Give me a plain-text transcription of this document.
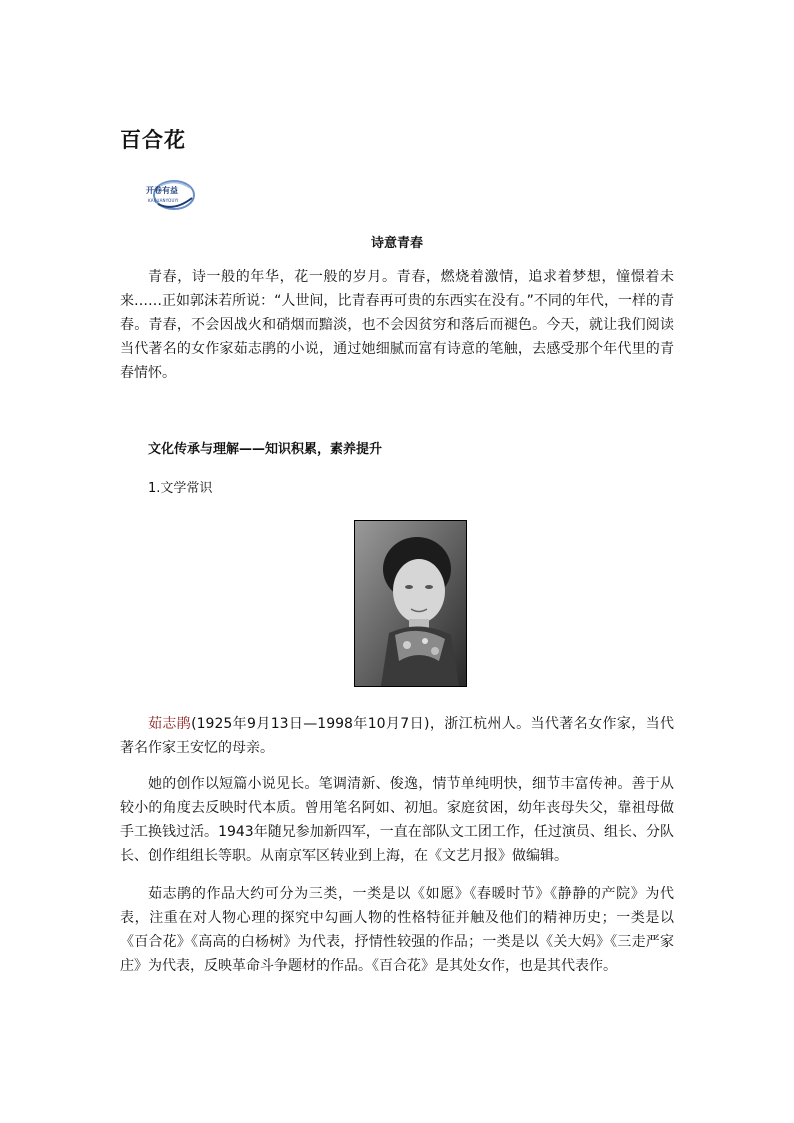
百合花
开卷有益
KAIJUANYOUYI
诗意青春

青春，诗一般的年华，花一般的岁月。青春，燃烧着激情，追求着梦想，憧憬着未来……正如郭沫若所说：“人世间，比青春再可贵的东西实在没有。”不同的年代，一样的青春。青春，不会因战火和硝烟而黯淡，也不会因贫穷和落后而褪色。今天，就让我们阅读当代著名的女作家茹志鹃的小说，通过她细腻而富有诗意的笔触，去感受那个年代里的青春情怀。

文化传承与理解——知识积累，素养提升
1.文学常识

茹志鹃(1925年9月13日—1998年10月7日)，浙江杭州人。当代著名女作家，当代著名作家王安忆的母亲。

她的创作以短篇小说见长。笔调清新、俊逸，情节单纯明快，细节丰富传神。善于从较小的角度去反映时代本质。曾用笔名阿如、初旭。家庭贫困，幼年丧母失父，靠祖母做手工换钱过活。1943年随兄参加新四军，一直在部队文工团工作，任过演员、组长、分队长、创作组组长等职。从南京军区转业到上海，在《文艺月报》做编辑。

茹志鹃的作品大约可分为三类，一类是以《如愿》《春暖时节》《静静的产院》为代表，注重在对人物心理的探究中勾画人物的性格特征并触及他们的精神历史；一类是以《百合花》《高高的白杨树》为代表，抒情性较强的作品；一类是以《关大妈》《三走严家庄》为代表，反映革命斗争题材的作品。《百合花》是其处女作，也是其代表作。
